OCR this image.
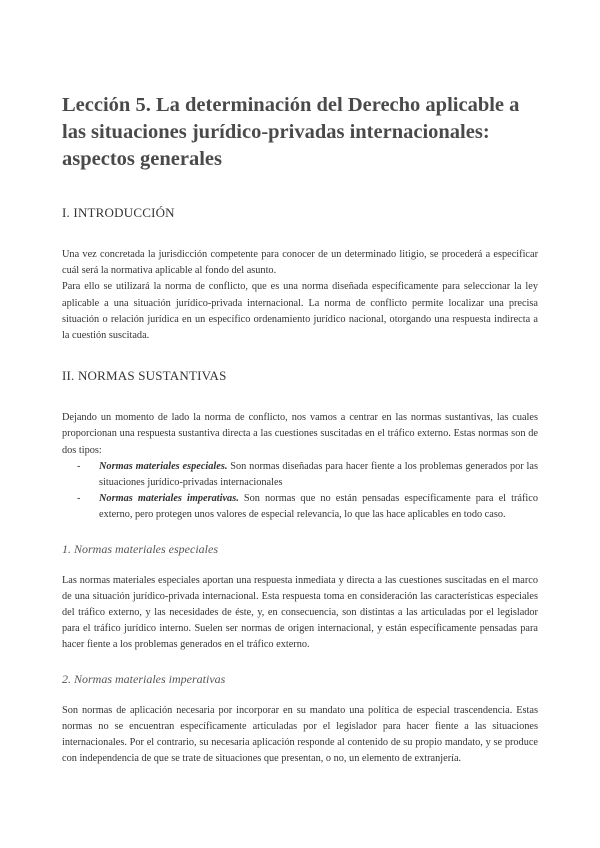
Lección 5. La determinación del Derecho aplicable a las situaciones jurídico-privadas internacionales: aspectos generales
I. INTRODUCCIÓN

Una vez concretada la jurisdicción competente para conocer de un determinado litigio, se procederá a especificar cuál será la normativa aplicable al fondo del asunto.

Para ello se utilizará la norma de conflicto, que es una norma diseñada específicamente para seleccionar la ley aplicable a una situación jurídico-privada internacional. La norma de conflicto permite localizar una precisa situación o relación jurídica en un específico ordenamiento jurídico nacional, otorgando una respuesta indirecta a la cuestión suscitada.

II. NORMAS SUSTANTIVAS

Dejando un momento de lado la norma de conflicto, nos vamos a centrar en las normas sustantivas, las cuales proporcionan una respuesta sustantiva directa a las cuestiones suscitadas en el tráfico externo. Estas normas son de dos tipos:

- Normas materiales especiales. Son normas diseñadas para hacer fiente a los problemas generados por las situaciones jurídico-privadas internacionales
- Normas materiales imperativas. Son normas que no están pensadas específicamente para el tráfico externo, pero protegen unos valores de especial relevancia, lo que las hace aplicables en todo caso.
1. Normas materiales especiales

Las normas materiales especiales aportan una respuesta inmediata y directa a las cuestiones suscitadas en el marco de una situación jurídico-privada internacional. Esta respuesta toma en consideración las características especiales del tráfico externo, y las necesidades de éste, y, en consecuencia, son distintas a las articuladas por el legislador para el tráfico jurídico interno. Suelen ser normas de origen internacional, y están específicamente pensadas para hacer fiente a los problemas generados en el tráfico externo.

2. Normas materiales imperativas

Son normas de aplicación necesaria por incorporar en su mandato una política de especial trascendencia. Estas normas no se encuentran específicamente articuladas por el legislador para hacer fiente a las situaciones internacionales. Por el contrario, su necesaria aplicación responde al contenido de su propio mandato, y se produce con independencia de que se trate de situaciones que presentan, o no, un elemento de extranjería.
